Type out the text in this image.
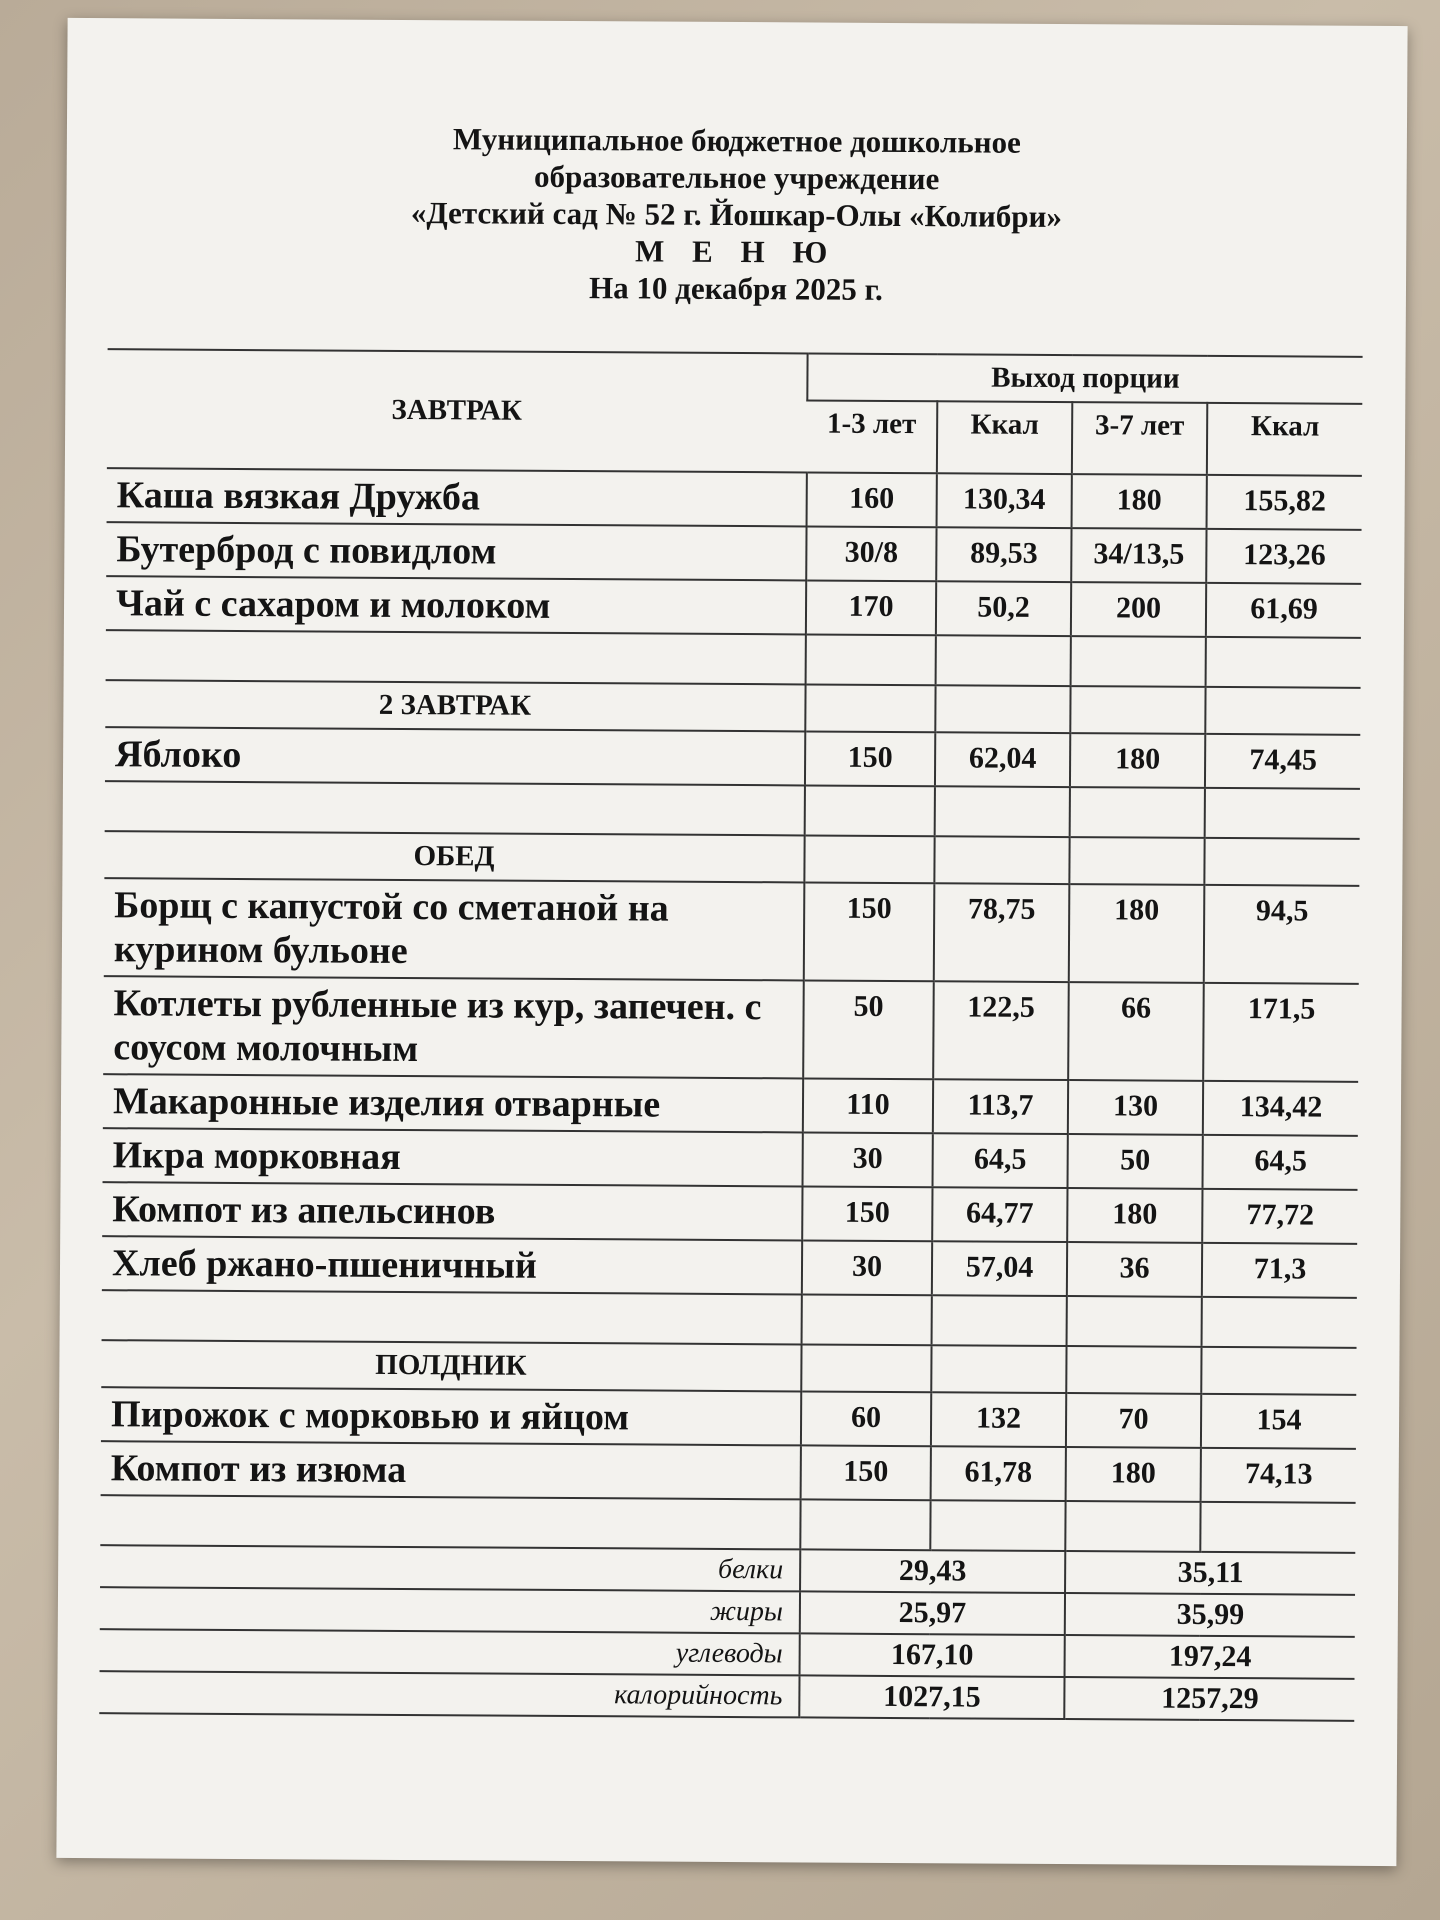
Муниципальное бюджетное дошкольное
образовательное учреждение
«Детский сад № 52 г. Йошкар-Олы «Колибри»
М Е Н Ю
На 10 декабря 2025 г.
ЗАВТРАК	Выход порции			
	1-3 лет	Ккал	3-7 лет	Ккал
Каша вязкая Дружба	160	130,34	180	155,82
Бутерброд с повидлом	30/8	89,53	34/13,5	123,26
Чай с сахаром и молоком	170	50,2	200	61,69

2 ЗАВТРАК				
Яблоко	150	62,04	180	74,45

ОБЕД				
Борщ с капустой со сметаной на курином бульоне	150	78,75	180	94,5
Котлеты рубленные из кур, запечен. с соусом молочным	50	122,5	66	171,5
Макаронные изделия отварные	110	113,7	130	134,42
Икра морковная	30	64,5	50	64,5
Компот из апельсинов	150	64,77	180	77,72
Хлеб ржано-пшеничный	30	57,04	36	71,3

ПОЛДНИК				
Пирожок с морковью и яйцом	60	132	70	154
Компот из изюма	150	61,78	180	74,13

белки	29,43		35,11	
жиры	25,97		35,99	
углеводы	167,10		197,24	
калорийность	1027,15		1257,29	
